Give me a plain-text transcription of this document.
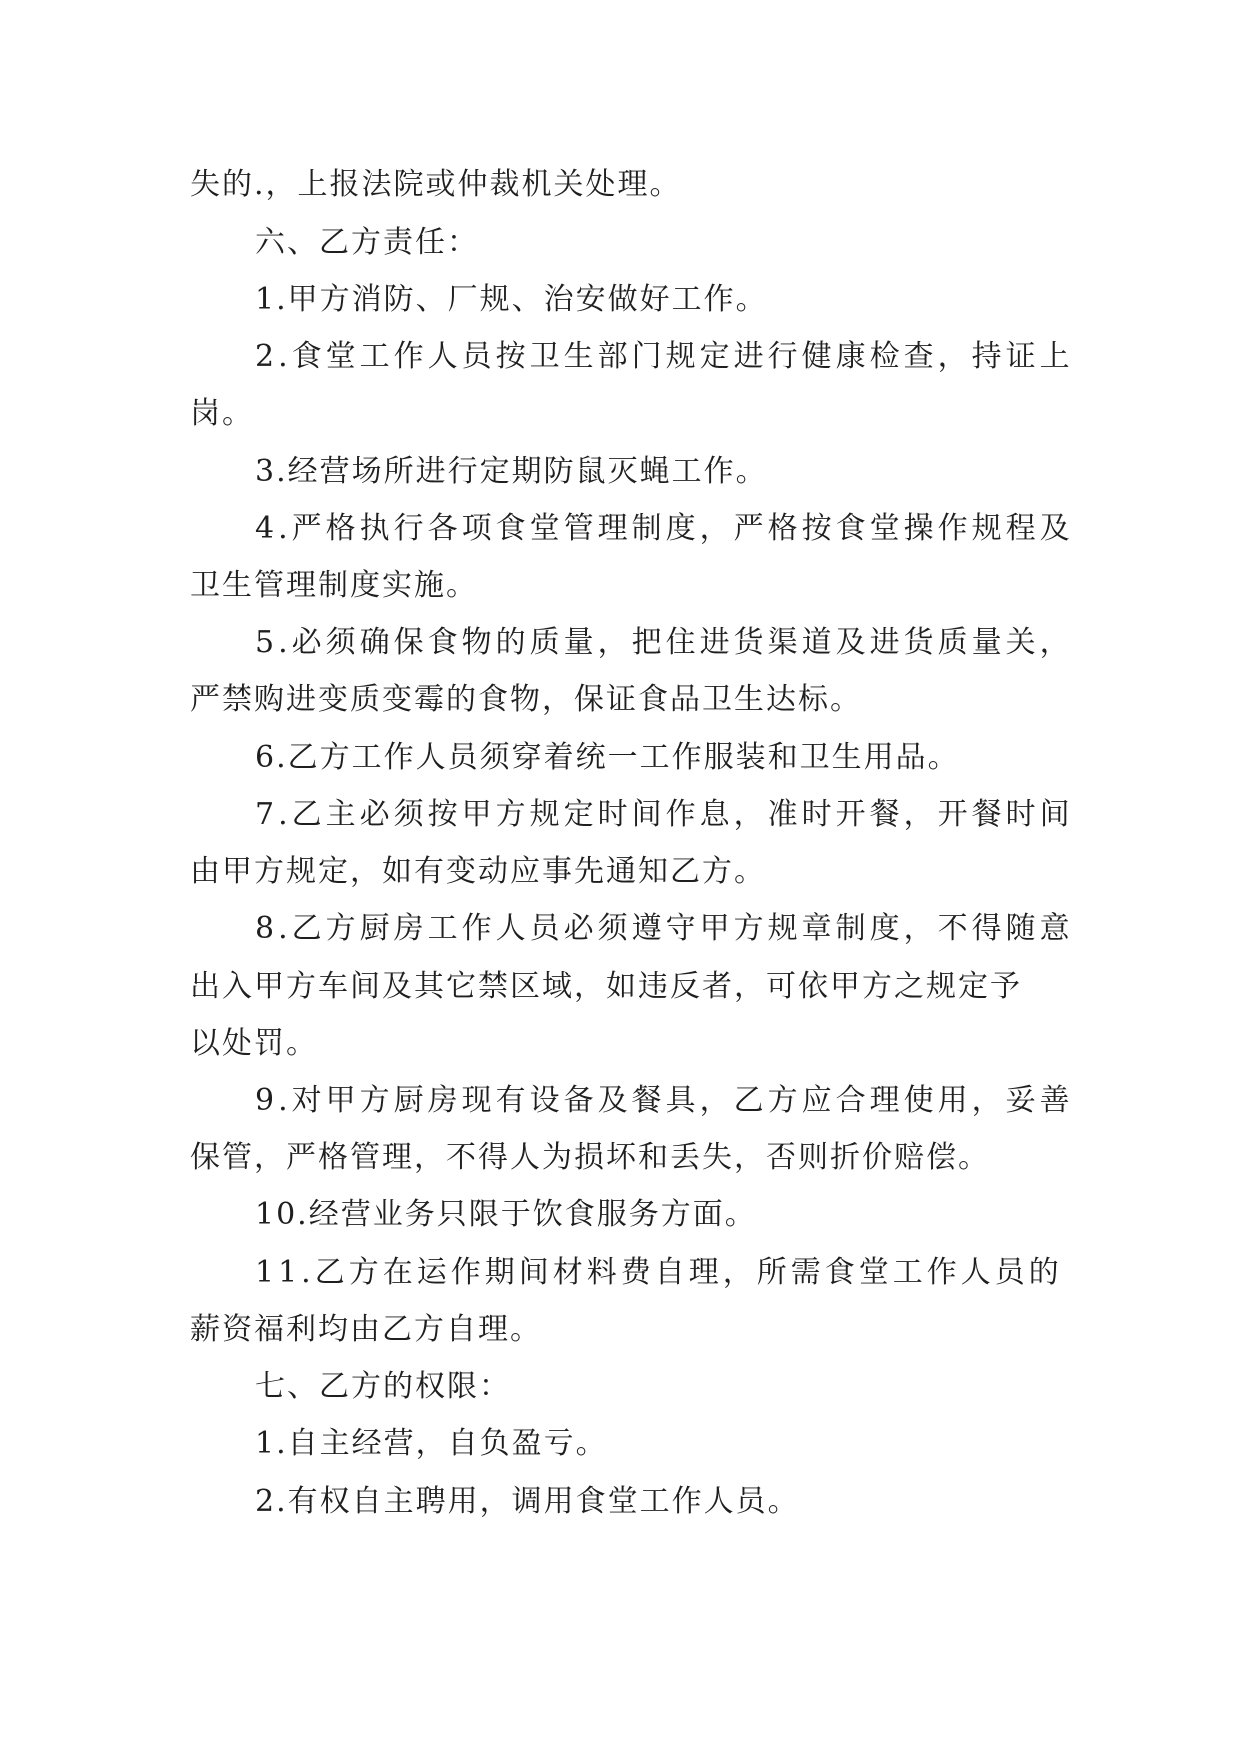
失的.，上报法院或仲裁机关处理。
六、乙方责任：
1.甲方消防、厂规、治安做好工作。
2.食堂工作人员按卫生部门规定进行健康检查，持证上
岗。
3.经营场所进行定期防鼠灭蝇工作。
4.严格执行各项食堂管理制度，严格按食堂操作规程及
卫生管理制度实施。
5.必须确保食物的质量，把住进货渠道及进货质量关，
严禁购进变质变霉的食物，保证食品卫生达标。
6.乙方工作人员须穿着统一工作服装和卫生用品。
7.乙主必须按甲方规定时间作息，准时开餐，开餐时间
由甲方规定，如有变动应事先通知乙方。
8.乙方厨房工作人员必须遵守甲方规章制度，不得随意
出入甲方车间及其它禁区域，如违反者，可依甲方之规定予
以处罚。
9.对甲方厨房现有设备及餐具，乙方应合理使用，妥善
保管，严格管理，不得人为损坏和丢失，否则折价赔偿。
10.经营业务只限于饮食服务方面。
11.乙方在运作期间材料费自理，所需食堂工作人员的
薪资福利均由乙方自理。
七、乙方的权限：
1.自主经营，自负盈亏。
2.有权自主聘用，调用食堂工作人员。
